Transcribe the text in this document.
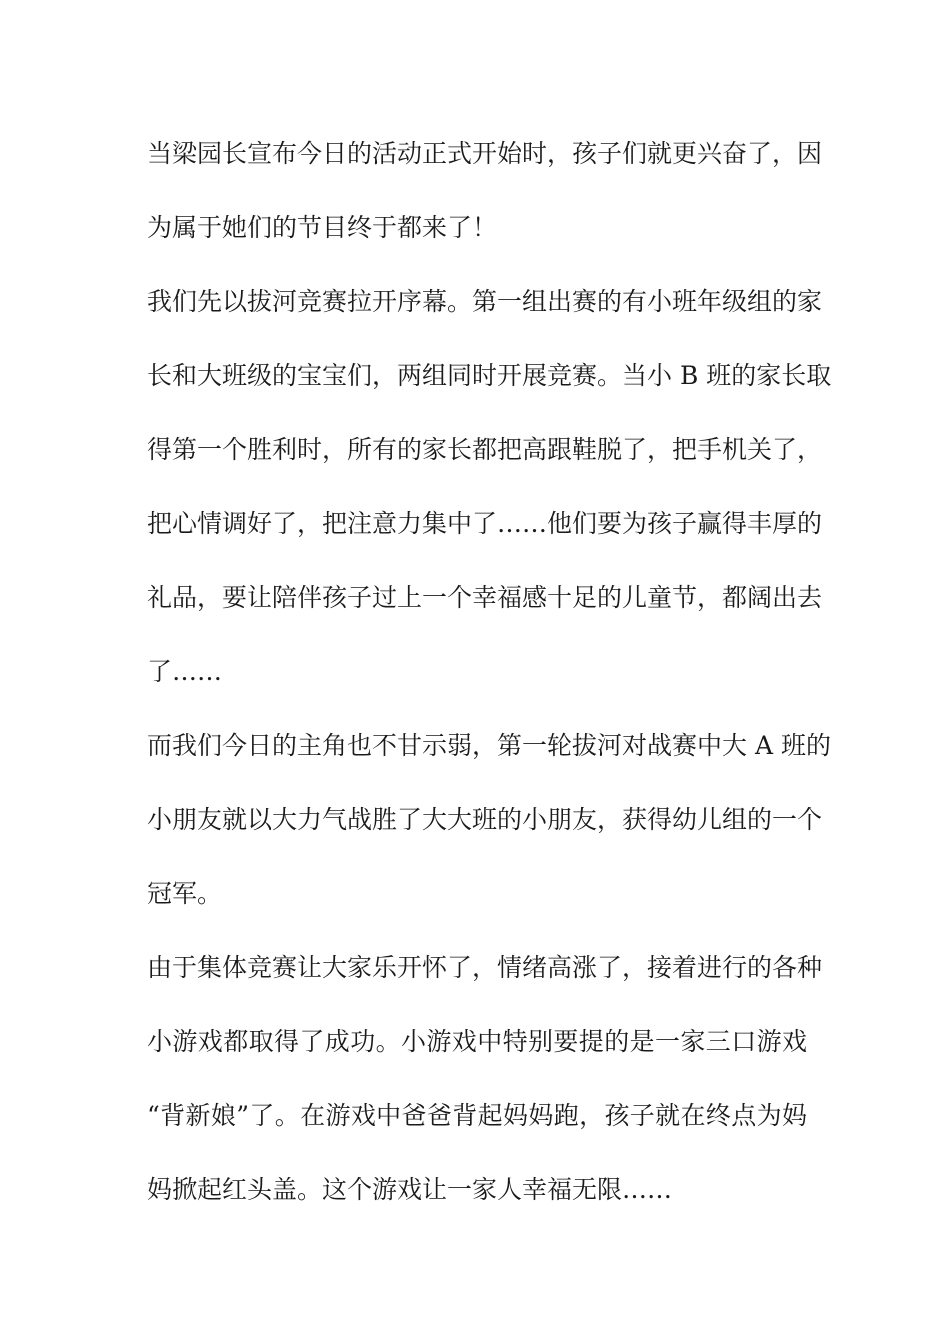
当梁园长宣布今日的活动正式开始时，孩子们就更兴奋了，因
为属于她们的节目终于都来了！
我们先以拔河竞赛拉开序幕。第一组出赛的有小班年级组的家
长和大班级的宝宝们，两组同时开展竞赛。当小 B 班的家长取
得第一个胜利时，所有的家长都把高跟鞋脱了，把手机关了，
把心情调好了，把注意力集中了……他们要为孩子赢得丰厚的
礼品，要让陪伴孩子过上一个幸福感十足的儿童节，都阔出去
了……
而我们今日的主角也不甘示弱，第一轮拔河对战赛中大 A 班的
小朋友就以大力气战胜了大大班的小朋友，获得幼儿组的一个
冠军。
由于集体竞赛让大家乐开怀了，情绪高涨了，接着进行的各种
小游戏都取得了成功。小游戏中特别要提的是一家三口游戏
“背新娘”了。在游戏中爸爸背起妈妈跑，孩子就在终点为妈
妈掀起红头盖。这个游戏让一家人幸福无限……
